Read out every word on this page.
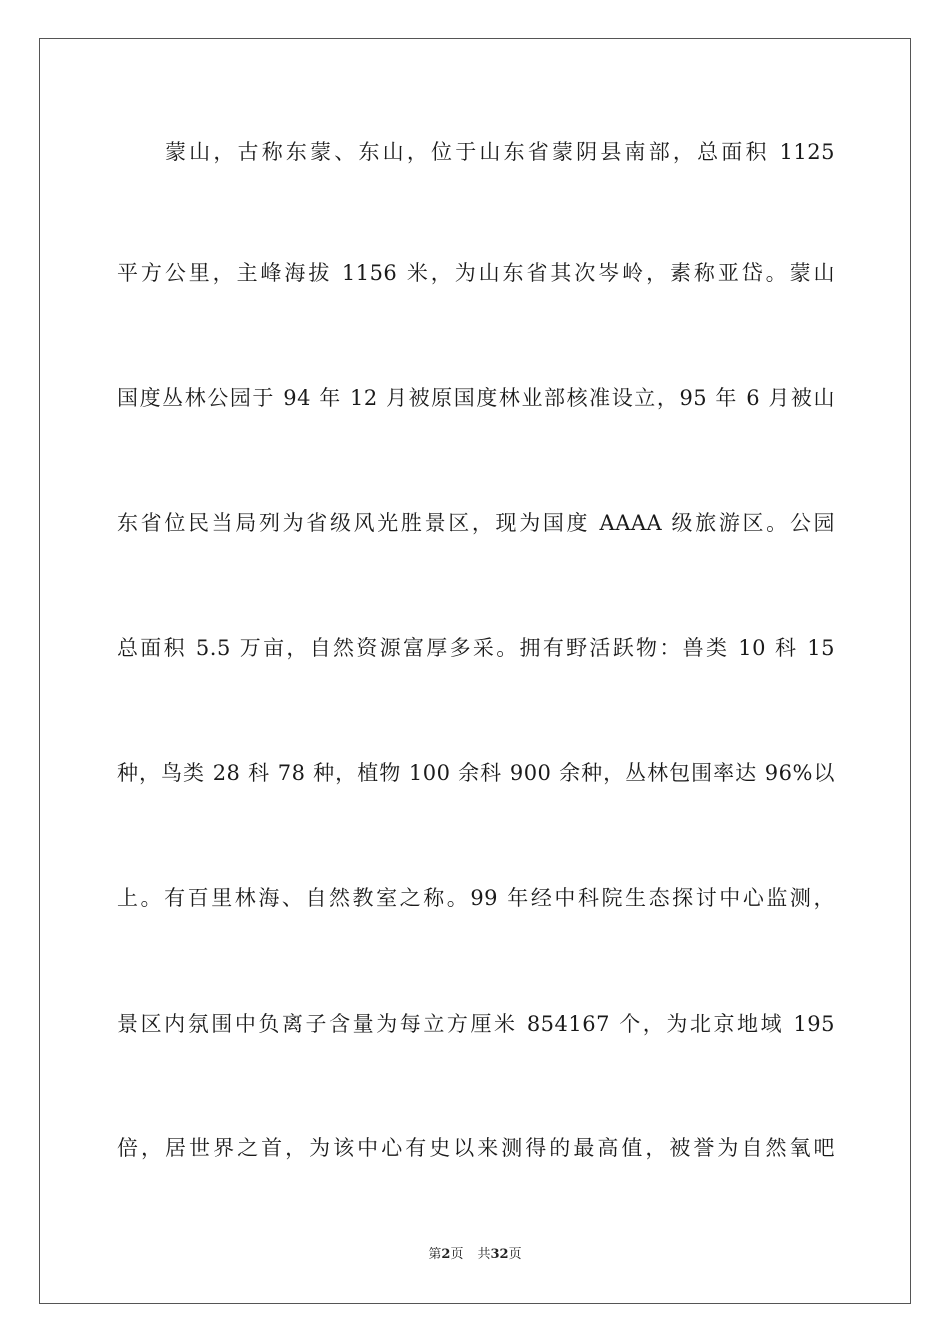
蒙山，古称东蒙、东山，位于山东省蒙阴县南部，总面积 1125
平方公里，主峰海拔 1156 米，为山东省其次岑岭，素称亚岱。蒙山
国度丛林公园于 94 年 12 月被原国度林业部核准设立，95 年 6 月被山
东省位民当局列为省级风光胜景区，现为国度 AAAA 级旅游区。公园
总面积 5.5 万亩，自然资源富厚多采。拥有野活跃物：兽类 10 科 15
种，鸟类 28 科 78 种，植物 100 余科 900 余种，丛林包围率达 96%以
上。有百里林海、自然教室之称。99 年经中科院生态探讨中心监测，
景区内氛围中负离子含量为每立方厘米 854167 个，为北京地域 195
倍，居世界之首，为该中心有史以来测得的最高值，被誉为自然氧吧
第2页 共32页
